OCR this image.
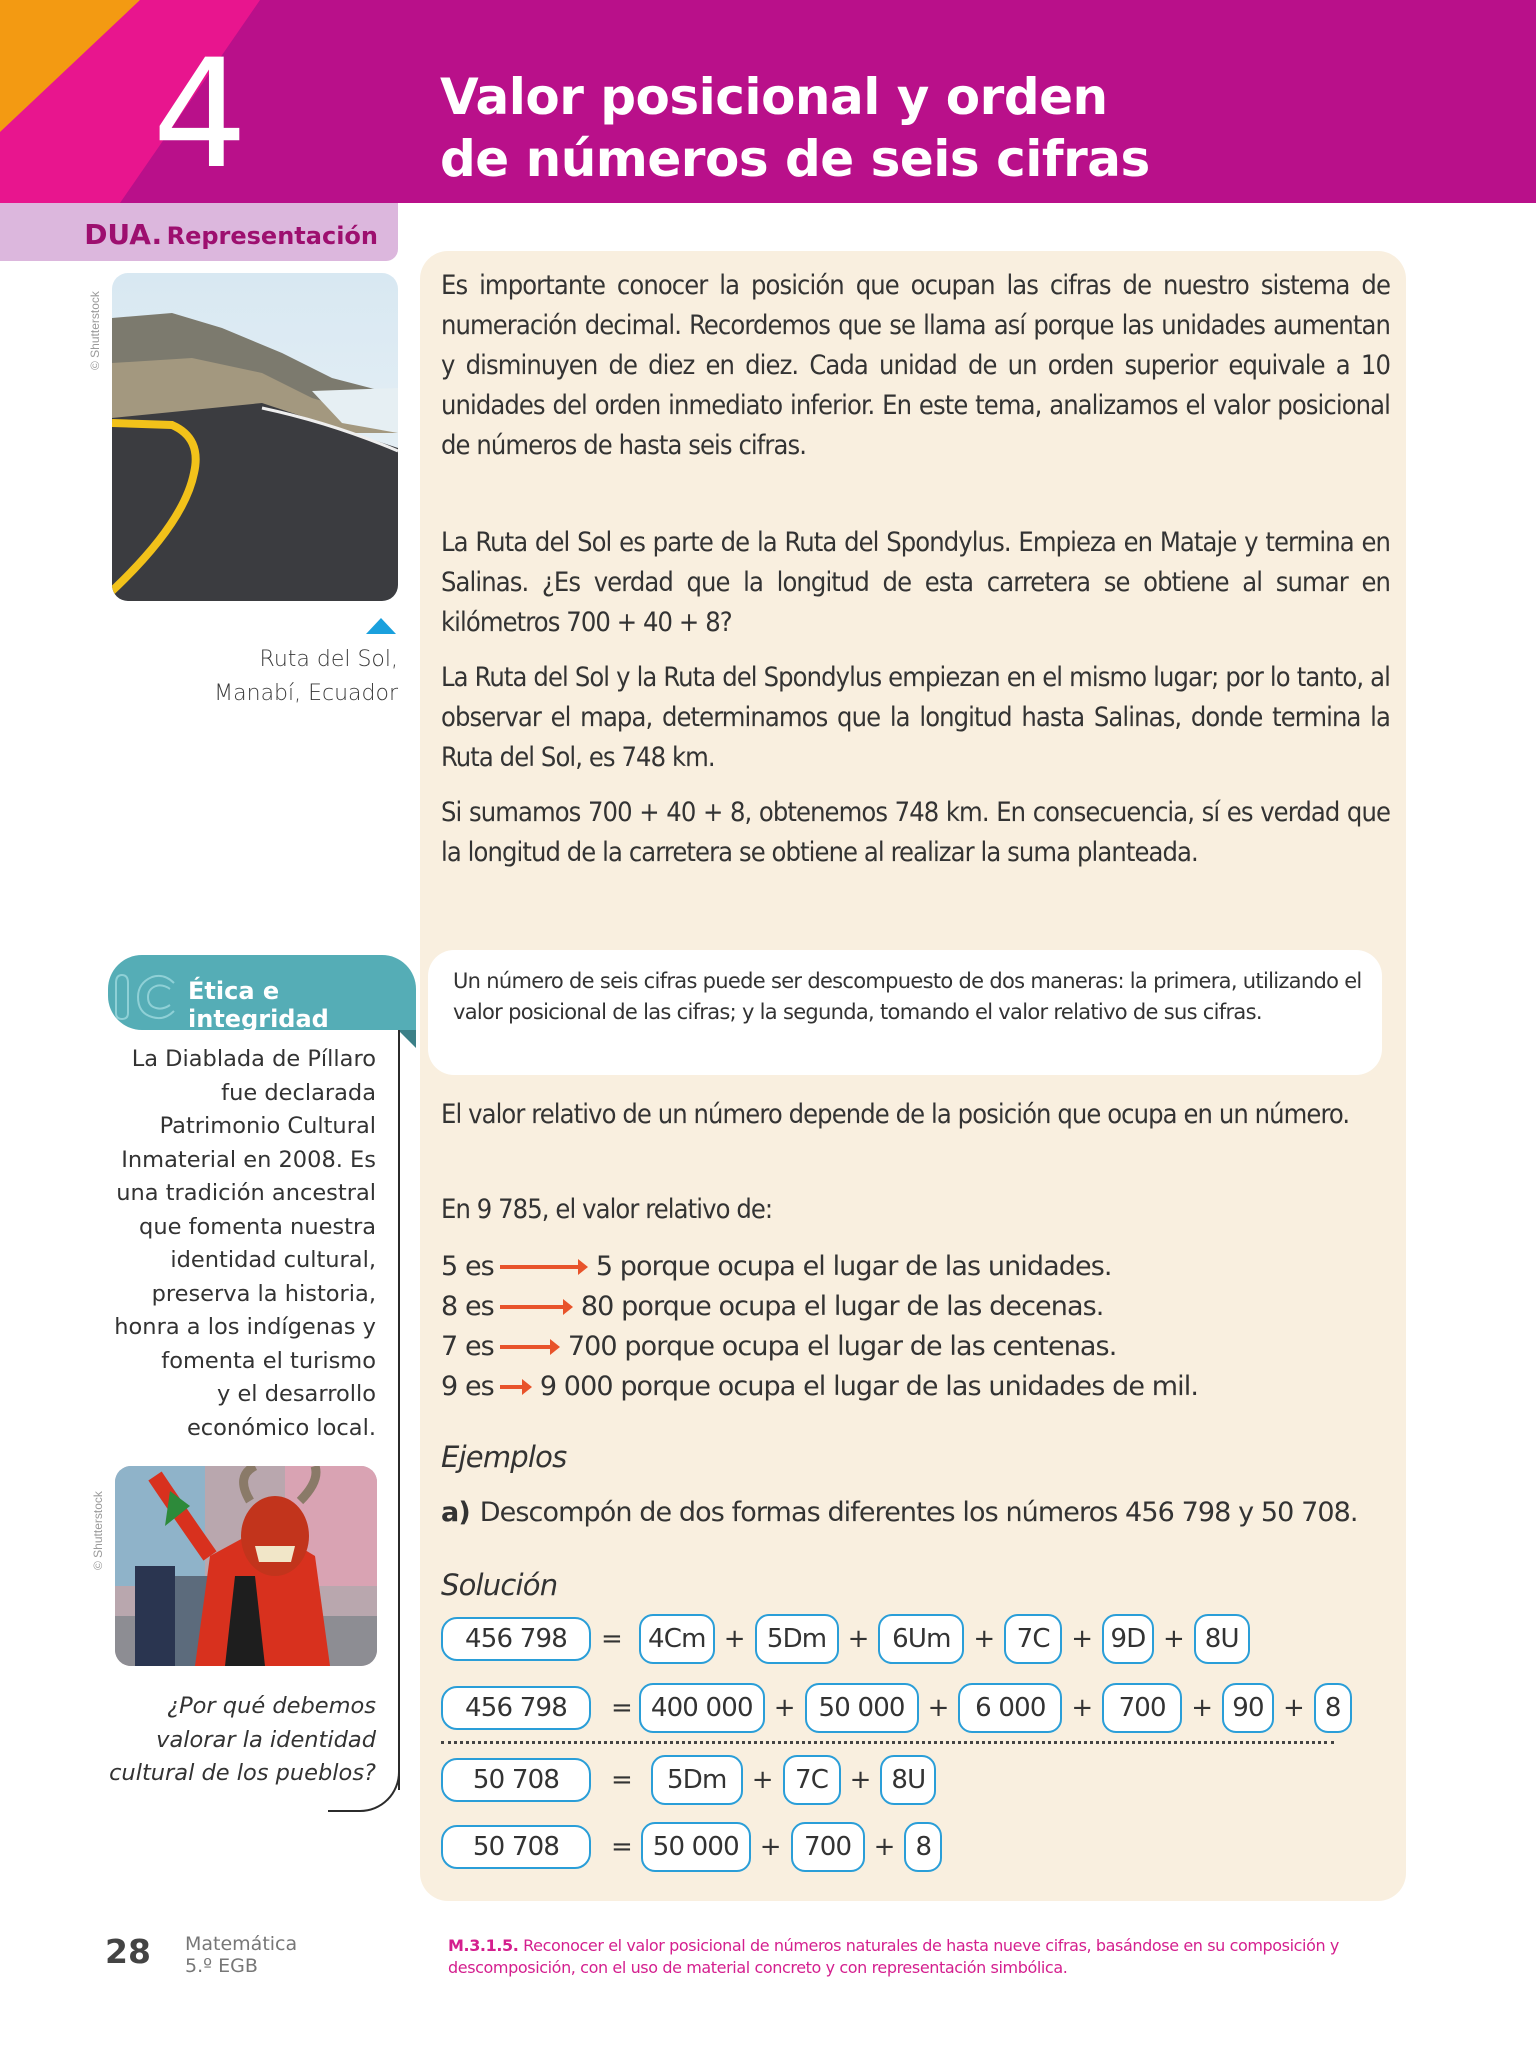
4	Valor posicional y orden
de números de seis cifras
DUA. Representación
© Shutterstock
Ruta del Sol,
Manabí, Ecuador
Ética e integridad
La Diablada de Píllaro
fue declarada
Patrimonio Cultural
Inmaterial en 2008. Es
una tradición ancestral
que fomenta nuestra
identidad cultural,
preserva la historia,
honra a los indígenas y
fomenta el turismo
y el desarrollo
económico local.
© Shutterstock
¿Por qué debemos
valorar la identidad
cultural de los pueblos?

Es importante conocer la posición que ocupan las cifras de nuestro sistema de numeración decimal. Recordemos que se llama así porque las unidades aumentan y disminuyen de diez en diez. Cada unidad de un orden superior equivale a 10 unidades del orden inmediato inferior. En este tema, analizamos el valor posicional de números de hasta seis cifras.

La Ruta del Sol es parte de la Ruta del Spondylus. Empieza en Mataje y termina en Salinas. ¿Es verdad que la longitud de esta carretera se obtiene al sumar en kilómetros 700 + 40 + 8?

La Ruta del Sol y la Ruta del Spondylus empiezan en el mismo lugar; por lo tanto, al observar el mapa, determinamos que la longitud hasta Salinas, donde termina la Ruta del Sol, es 748 km.

Si sumamos 700 + 40 + 8, obtenemos 748 km. En consecuencia, sí es verdad que la longitud de la carretera se obtiene al realizar la suma planteada.

Un número de seis cifras puede ser descompuesto de dos maneras: la primera, utilizando el valor posicional de las cifras; y la segunda, tomando el valor relativo de sus cifras.

El valor relativo de un número depende de la posición que ocupa en un número.

En 9 785, el valor relativo de:

5 es	5 porque ocupa el lugar de las unidades.
8 es	80 porque ocupa el lugar de las decenas.
7 es	700 porque ocupa el lugar de las centenas.
9 es 9 000 porque ocupa el lugar de las unidades de mil.
Ejemplos
a) Descompón de dos formas diferentes los números 456 798 y 50 708.
Solución
456 798	= 4Cm + 5Dm + 6Um + 7C + 9D + 8U
456 798	= 400 000 + 50 000 + 6 000 + 700 + 90 + 8
50 708	=	5Dm + 7C + 8U
50 708	= 50 000 + 700 + 8
28 Matemática
5.º EGB
M.3.1.5. Reconocer el valor posicional de números naturales de hasta nueve cifras, basándose en su composición y descomposición, con el uso de material concreto y con representación simbólica.
